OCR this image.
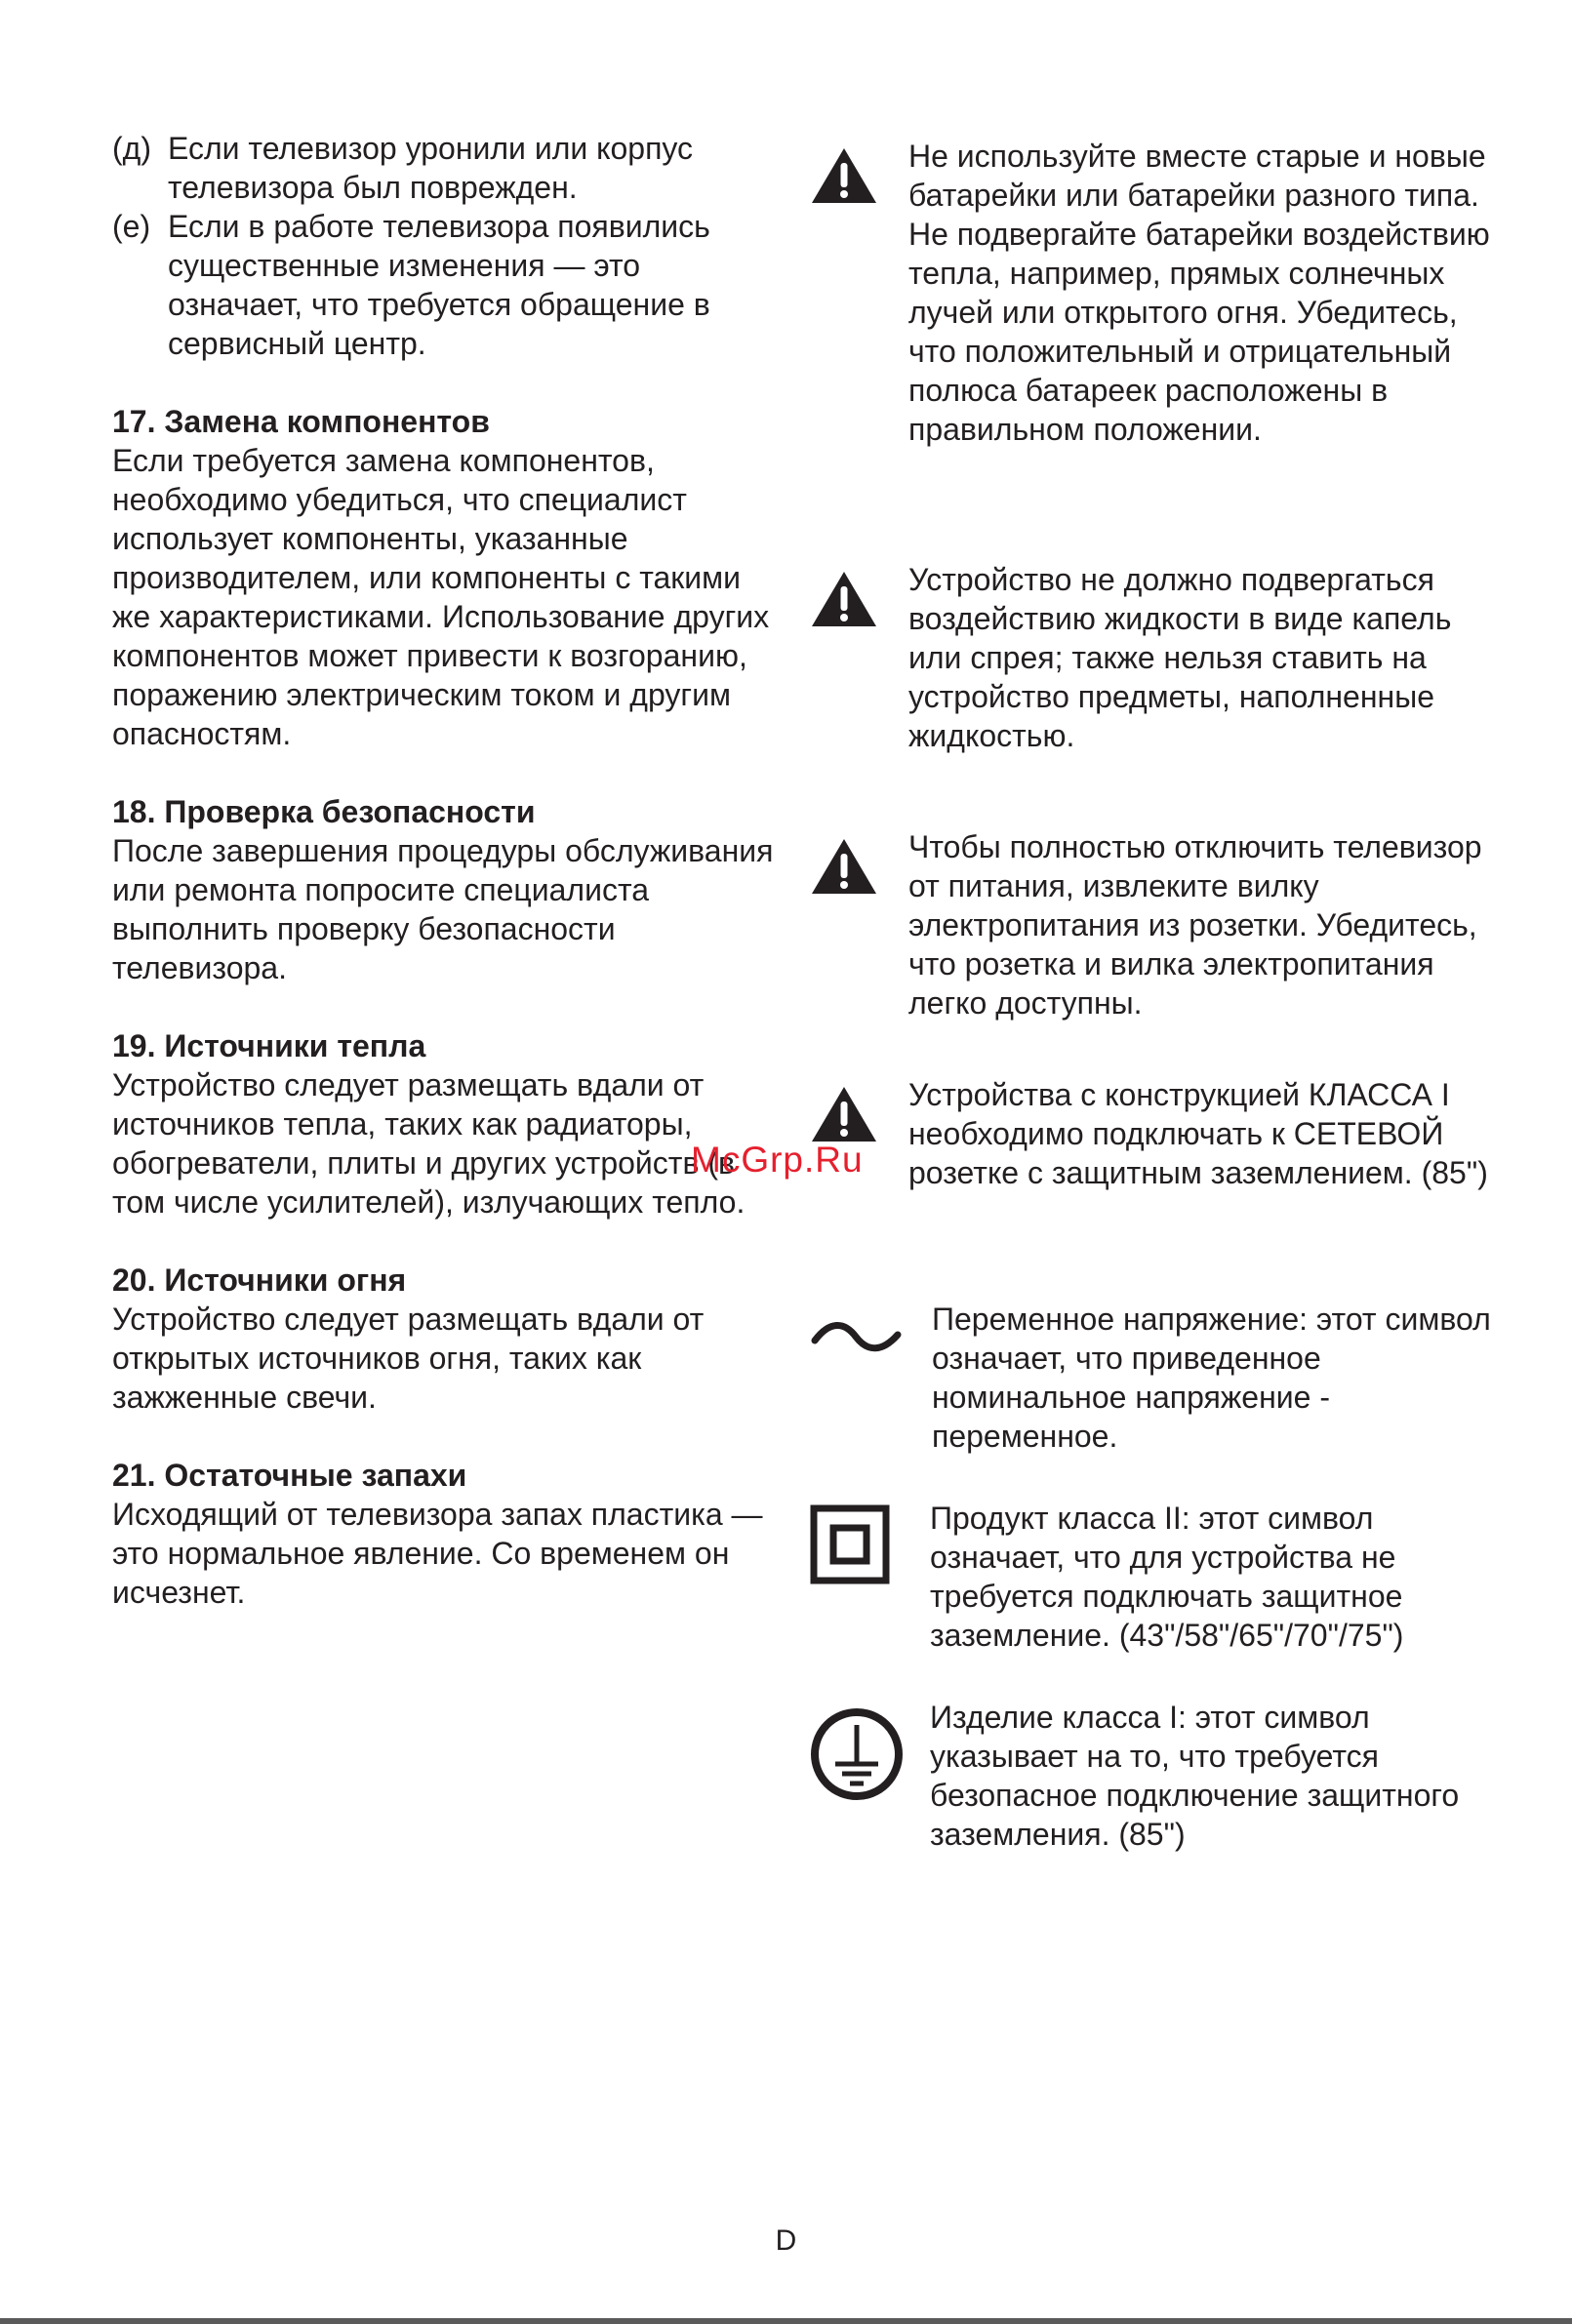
(д) Если телевизор уронили или корпус телевизора был поврежден.
(е) Если в работе телевизора появились существенные изменения — это означает, что требуется обращение в сервисный центр.

17. Замена компонентов

Если требуется замена компонентов, необходимо убедиться, что специалист использует компоненты, указанные производителем, или компоненты с такими же характеристиками. Использование других компонентов может привести к возгоранию, поражению электрическим током и другим опасностям.

18. Проверка безопасности

После завершения процедуры обслуживания или ремонта попросите специалиста выполнить проверку безопасности телевизора.

19. Источники тепла

Устройство следует размещать вдали от источников тепла, таких как радиаторы, обогреватели, плиты и других устройств (в том числе усилителей), излучающих тепло.

20. Источники огня

Устройство следует размещать вдали от открытых источников огня, таких как зажженные свечи.

21. Остаточные запахи

Исходящий от телевизора запах пластика — это нормальное явление. Со временем он исчезнет.

Не используйте вместе старые и новые батарейки или батарейки разного типа. Не подвергайте батарейки воздействию тепла, например, прямых солнечных лучей или открытого огня. Убедитесь, что положительный и отрицательный полюса батареек расположены в правильном положении.
Устройство не должно подвергаться воздействию жидкости в виде капель или спрея; также нельзя ставить на устройство предметы, наполненные жидкостью.
Чтобы полностью отключить телевизор от питания, извлеките вилку электропитания из розетки. Убедитесь, что розетка и вилка электропитания легко доступны.
Устройства с конструкцией КЛАССА I необходимо подключать к СЕТЕВОЙ розетке с защитным заземлением. (85")
Переменное напряжение: этот символ означает, что приведенное номинальное напряжение - переменное.
Продукт класса II: этот символ означает, что для устройства не требуется подключать защитное заземление. (43"/58"/65"/70"/75")
Изделие класса I: этот символ указывает на то, что требуется безопасное подключение защитного заземления. (85")
McGrp.Ru
D
